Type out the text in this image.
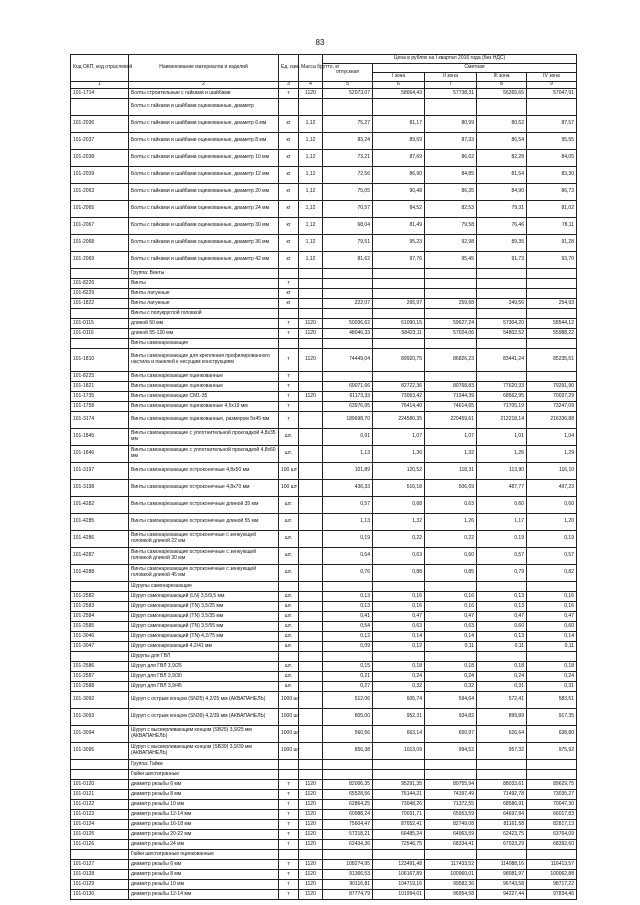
83
Код ОКП, код отраслевой	Наименование материалов и изделий	Ед. изм.	Масса брутто, кг	Цена в рублях на I квартал 2016 года (без НДС)				
				отпускная	Сметная			
					I зона	II зона	III зона	IV зона
1	2	3	4	5	6	7	8	9
101-1714	Болты строительные с гайками и шайбами	т	1120	52073,07	58664,43	57738,31	56265,65	57047,91
	Болты с гайками и шайбами оцинкованные, диаметр							
101-2036	Болты с гайками и шайбами оцинкованные, диаметр 6 мм	кг	1,12	75,27	81,17	80,99	80,52	87,57
101-2037	Болты с гайками и шайбами оцинкованные, диаметр 8 мм	кг	1,12	83,24	89,69	87,33	86,54	95,55
101-2038	Болты с гайками и шайбами оцинкованные, диаметр 10 мм	кг	1,12	73,21	87,69	86,62	82,28	84,05
101-2039	Болты с гайками и шайбами оцинкованные, диаметр 12 мм	кг	1,12	72,56	86,90	84,85	81,54	83,30
101-2063	Болты с гайками и шайбами оцинкованные, диаметр 20 мм	кг	1,12	75,05	90,48	86,35	84,90	86,73
101-2065	Болты с гайками и шайбами оцинкованные, диаметр 24 мм	кг	1,12	70,57	84,52	82,53	79,31	81,02
101-2067	Болты с гайками и шайбами оцинкованные, диаметр 30 мм	кг	1,12	68,04	81,49	79,58	76,46	78,11
101-2068	Болты с гайками и шайбами оцинкованные, диаметр 36 мм	кг	1,12	79,51	95,23	92,98	89,35	91,28
101-2069	Болты с гайками и шайбами оцинкованные, диаметр 42 мм	кг	1,12	81,62	97,76	95,45	91,73	93,70
	Группа: Винты							
101-8226	Винты	т						
101-8229	Винты латунные	кг						
101-1822	Винты латунные	кг		222,07	265,97	259,68	249,56	254,93
	Винты с полукруглой головкой							
101-0115	длиной 50 мм	т	1120	50036,62	61090,15	59627,24	57304,20	58544,12
101-0116	длиной 55-120 мм	т	1120	48046,33	58423,11	57024,06	54802,52	55988,22
	Винты самонарезающие							
101-1810	Винты самонарезающие для крепления профилированного настила и панелей к несущим конструкциям	т	1120	74449,04	89920,75	86826,23	83441,24	85235,51
101-8225	Винты самонарезающие оцинкованные	т						
101-1821	Винты самонарезающие оцинкованные	т		69071,66	82722,36	80768,83	77620,33	79291,90
101-1735	Винты самонарезающие СМ1-35	т	1120	61173,33	73063,42	71344,39	68562,95	70037,29
101-1758	Винты самонарезающие оцинкованные 4,5х19 мм	т		63976,95	76414,40	74614,65	71705,19	73247,09
101-3174	Винты самонарезающие оцинкованные, размером 5х45 мм	т		189698,70	224580,35	220459,61	212218,14	216336,88
101-1845	Винты самонарезающие с уплотнительной прокладкой 4,8х35 мм	шт.		0,91	1,07	1,07	1,01	1,04
101-1846	Винты самонарезающие с уплотнительной прокладкой 4,8х60 мм	шт.		1,13	1,36	1,32	1,26	1,29
101-3197	Винты самонарезающие остроконечные 4,8х50 мм	100 шт		101,89	120,52	118,31	113,90	116,10
101-3198	Винты самонарезающие остроконечные 4,8х70 мм	100 шт		436,33	516,18	506,69	487,77	497,23
101-4282	Винты самонарезающие остроконечные длиной 35 мм	шт.		0,57	0,68	0,63	0,60	0,60
101-4285	Винты самонарезающие остроконечные длиной 55 мм	шт.		1,13	1,32	1,26	1,17	1,20
101-4286	Винты самонарезающие остроконечные с зенкующей головкой длиной 22 мм	шт.		0,19	0,22	0,22	0,19	0,19
101-4287	Винты самонарезающие остроконечные с зенкующей головкой длиной 30 мм	шт.		0,54	0,63	0,60	0,57	0,57
101-4288	Винты самонарезающие остроконечные с зенкующей головкой длиной 45 мм	шт.		0,76	0,88	0,85	0,79	0,82
	Шурупы самонарезающие							
101-2582	Шуруп самонарезающий (LN) 3,5/9,5 мм	шт.		0,13	0,16	0,16	0,13	0,16
101-2583	Шуруп самонарезающий (TN) 3,5/25 мм	шт.		0,13	0,16	0,16	0,13	0,16
101-2584	Шуруп самонарезающий (TN) 3,5/35 мм	шт.		0,41	0,47	0,47	0,47	0,47
101-2585	Шуруп самонарезающий (TN) 3,5/55 мм	шт.		0,54	0,63	0,63	0,60	0,60
101-3046	Шуруп самонарезающий (TN) 4,2/75 мм	шт.		0,12	0,14	0,14	0,13	0,14
101-3047	Шуруп самонарезающий 4,2/41 мм	шт.		0,09	0,12	0,11	0,11	0,11
	Шурупы для ГВЛ							
101-2586	Шуруп для ГВЛ 3,9/25	шт.		0,15	0,18	0,18	0,18	0,18
101-2587	Шуруп для ГВЛ 3,9/30	шт.		0,21	0,24	0,24	0,24	0,24
101-2588	Шуруп для ГВЛ 3,9/45	шт.		0,27	0,32	0,32	0,31	0,31
101-3092	Шуруп с острым концом (SN25) 4,2/25 мм (АКВАПАНЕЛЬ)	1000 шт		512,06	605,74	594,64	572,41	583,51
101-3093	Шуруп с острым концом (SN39) 4,2/39 мм (АКВАПАНЕЛЬ)	1000 шт		805,00	952,31	934,82	899,89	917,35
101-3094	Шуруп с высверливающим концом (SB25) 3,9/25 мм (АКВАПАНЕЛЬ)	1000 шт		560,56	663,14	650,97	626,64	638,80
101-3095	Шуруп с высверливающим концом (SB39) 3,9/39 мм (АКВАПАНЕЛЬ)	1000 шт		856,38	1013,09	994,52	957,32	975,92
	Группа: Гайки							
	Гайки шестигранные							
101-0120	диаметр резьбы 6 мм	т	1120	82006,35	95291,35	89755,94	88033,61	89629,75
101-0121	диаметр резьбы 8 мм	т	1120	65528,56	76144,21	74397,49	71492,78	73035,27
101-0122	диаметр резьбы 10 мм	т	1120	62864,25	73048,26	71372,55	68586,91	70047,30
101-0123	диаметр резьбы 12-14 мм	т	1120	60988,24	70031,71	65953,59	64697,84	66017,83
101-0124	диаметр резьбы 16-18 мм	т	1120	75604,47	87652,41	82749,08	81161,58	82817,13
101-0125	диаметр резьбы 20-22 мм	т	1120	57218,21	66485,24	64963,59	62423,75	63764,09
101-0126	диаметр резьбы 24 мм	т	1120	62434,36	72546,75	68334,41	67023,29	68392,60
	Гайки шестигранные оцинкованные							
101-0127	диаметр резьбы 6 мм	т	1120	108274,95	123491,48	117433,52	114088,16	116413,57
101-0128	диаметр резьбы 8 мм	т	1120	91366,53	106167,89	100960,01	98081,97	100062,88
101-0129	диаметр резьбы 10 мм	т	1120	90116,81	104719,16	99582,36	96743,58	98717,22
101-0130	диаметр резьбы 12-14 мм	т	1120	87774,79	101994,01	96954,58	94227,44	97834,46
